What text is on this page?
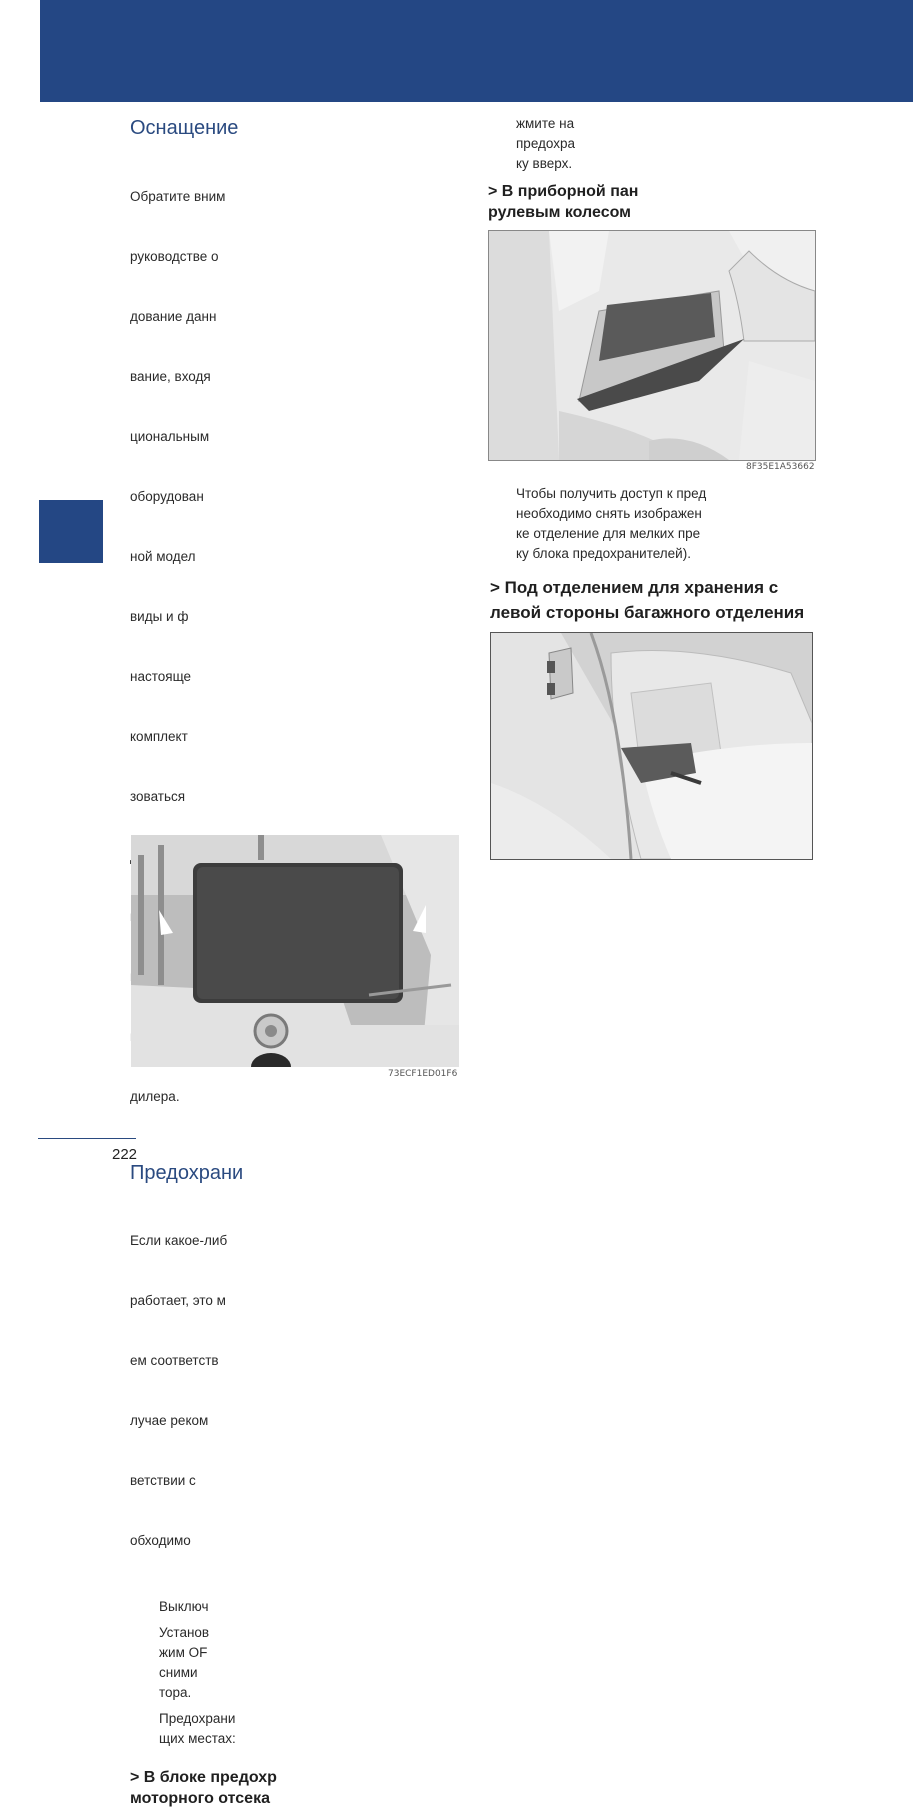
Оснащение

Обратите вним

руководстве о

дование данн

вание, входя

циональным

оборудован

ной модел

виды и ф

настояще

комплект

зоваться

дилера.

Предохрани

Если какое-либ

работает, это м

ем соответств

лучае реком

ветствии с

обходимо

Выключ
Установ
жим OF
сними
тора.
Предохрани
щих местах:
> В блоке предохр
моторного отсека
73ECF1ED01F6
жмите на
предохра
ку вверх.
> В приборной пан
рулевым колесом
8F35E1A53662
Чтобы получить доступ к пред
необходимо снять изображен
ке отделение для мелких пре
ку блока предохранителей).
> Под отделением для хранения с
левой стороны багажного отделения
222
